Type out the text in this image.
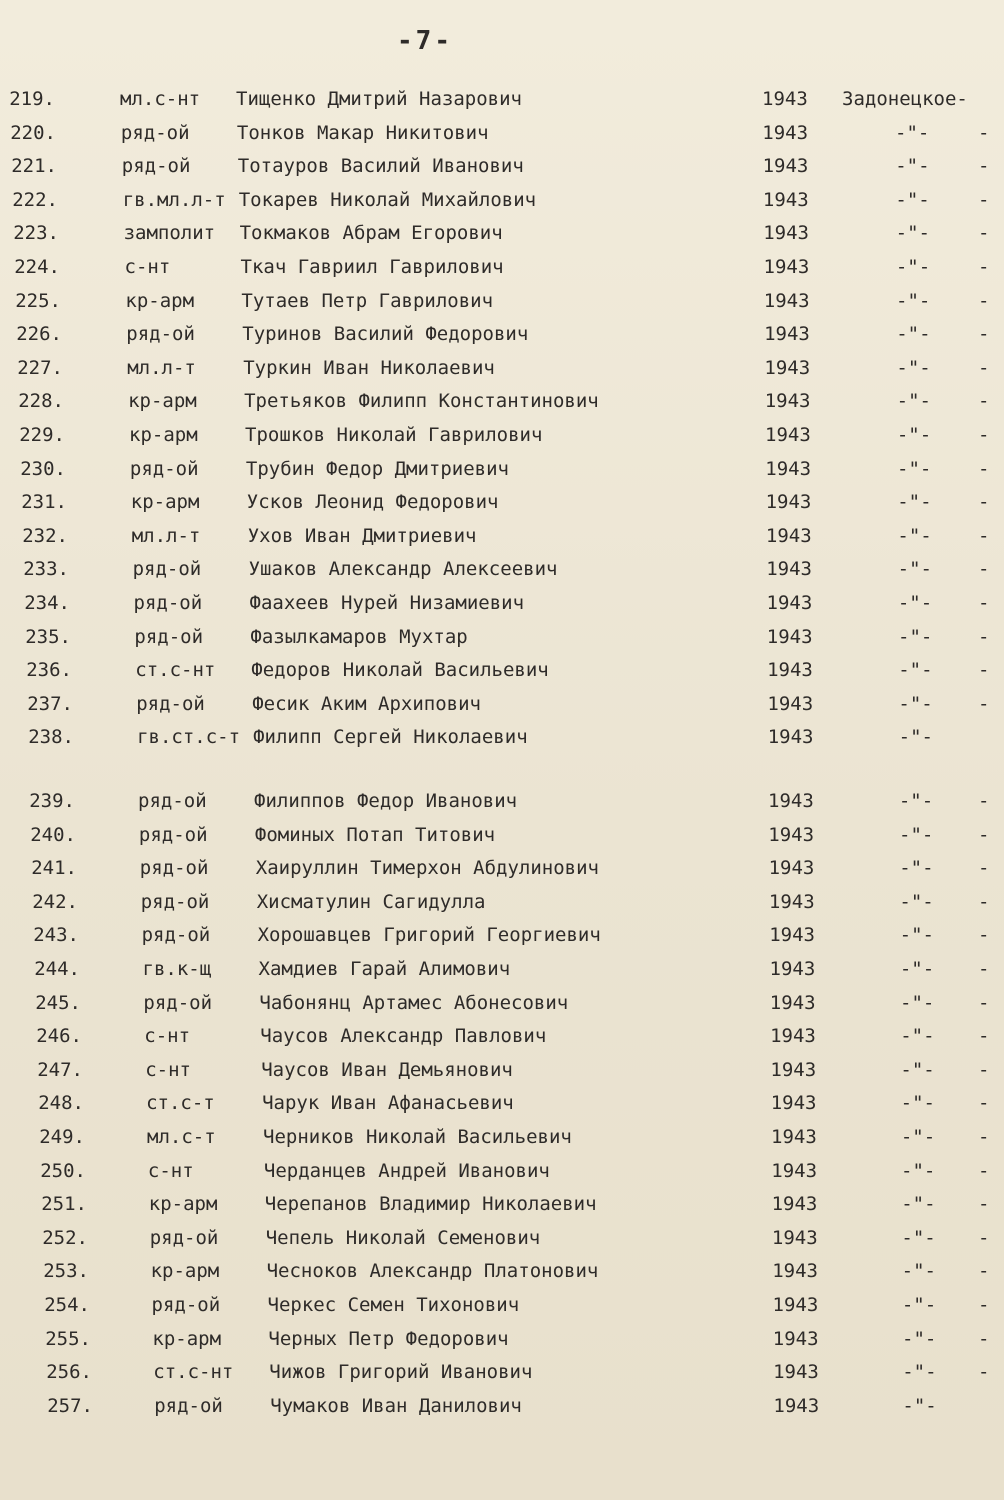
-7-
219.	мл.с-нт Тищенко Дмитрий Назарович	1943 Задонецкое-
220.	ряд-ой Тонков Макар Никитович	1943	-"-	-
221.	ряд-ой Тотауров Василий Иванович	1943	-"-	-
222.	гв.мл.л-т Токарев Николай Михайлович	1943	-"-	-
223.	замполит Токмаков Абрам Егорович	1943	-"-	-
224.	с-нт	Ткач Гавриил Гаврилович	1943	-"-	-
225.	кр-арм Тутаев Петр Гаврилович	1943	-"-	-
226.	ряд-ой Туринов Василий Федорович	1943	-"-	-
227.	мл.л-т Туркин Иван Николаевич	1943	-"-	-
228.	кр-арм Третьяков Филипп Константинович	1943	-"-	-
229.	кр-арм Трошков Николай Гаврилович	1943	-"-	-
230.	ряд-ой Трубин Федор Дмитриевич	1943	-"-	-
231.	кр-арм Усков Леонид Федорович	1943	-"-	-
232.	мл.л-т Ухов Иван Дмитриевич	1943	-"-	-
233.	ряд-ой Ушаков Александр Алексеевич	1943	-"-	-
234.	ряд-ой Фаахеев Нурей Низамиевич	1943	-"-	-
235.	ряд-ой Фазылкамаров Мухтар	1943	-"-	-
236.	ст.с-нт Федоров Николай Васильевич	1943	-"-	-
237.	ряд-ой Фесик Аким Архипович	1943	-"-	-
238.	гв.ст.с-т Филипп Сергей Николаевич	1943	-"-
239.	ряд-ой Филиппов Федор Иванович	1943	-"-	-
240.	ряд-ой Фоминых Потап Титович	1943	-"-	-
241.	ряд-ой Хаируллин Тимерхон Абдулинович	1943	-"-	-
242.	ряд-ой Хисматулин Сагидулла	1943	-"-	-
243.	ряд-ой Хорошавцев Григорий Георгиевич	1943	-"-	-
244.	гв.к-щ Хамдиев Гарай Алимович	1943	-"-	-
245.	ряд-ой Чабонянц Артамес Абонесович	1943	-"-	-
246.	с-нт	Чаусов Александр Павлович	1943	-"-	-
247.	с-нт	Чаусов Иван Демьянович	1943	-"-	-
248.	ст.с-т Чарук Иван Афанасьевич	1943	-"-	-
249.	мл.с-т Черников Николай Васильевич	1943	-"-	-
250.	с-нт	Черданцев Андрей Иванович	1943	-"-	-
251.	кр-арм Черепанов Владимир Николаевич	1943	-"-	-
252.	ряд-ой Чепель Николай Семенович	1943	-"-	-
253.	кр-арм Чесноков Александр Платонович	1943	-"-	-
254.	ряд-ой Черкес Семен Тихонович	1943	-"-	-
255.	кр-арм Черных Петр Федорович	1943	-"-	-
256.	ст.с-нт Чижов Григорий Иванович	1943	-"-	-
257.	ряд-ой Чумаков Иван Данилович	1943	-"-
